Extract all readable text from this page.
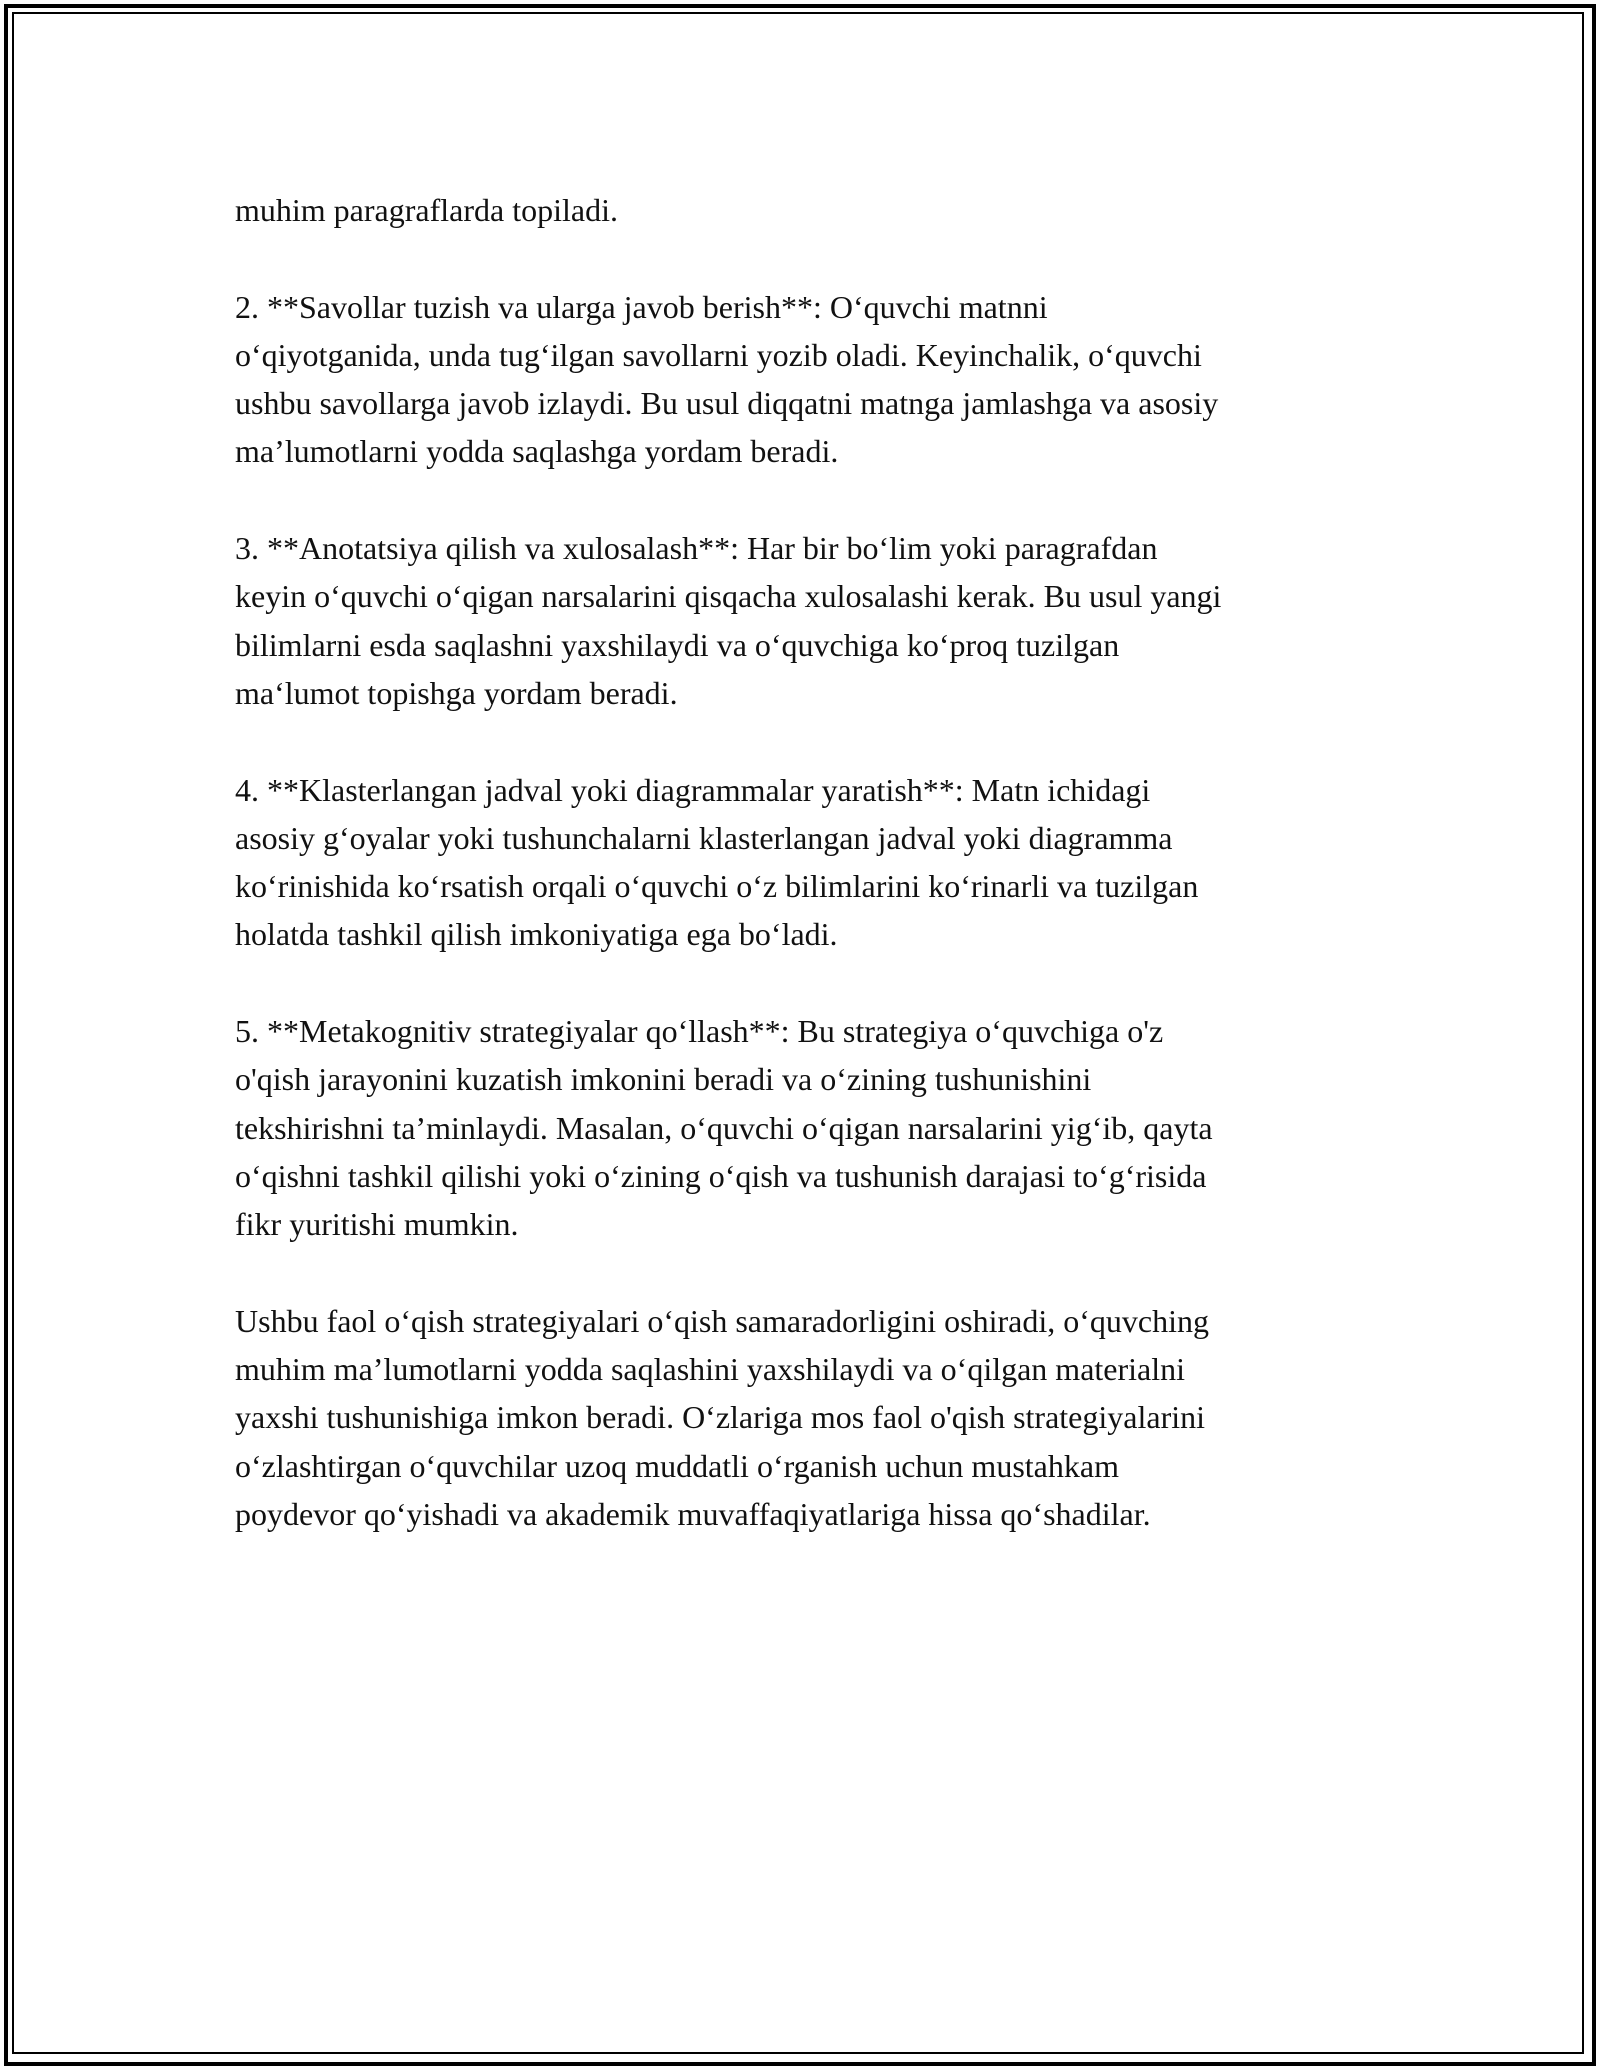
muhim paragraflarda topiladi.

2. **Savollar tuzish va ularga javob berish**: O‘quvchi matnni
o‘qiyotganida, unda tug‘ilgan savollarni yozib oladi. Keyinchalik, o‘quvchi
ushbu savollarga javob izlaydi. Bu usul diqqatni matnga jamlashga va asosiy
ma’lumotlarni yodda saqlashga yordam beradi.

3. **Anotatsiya qilish va xulosalash**: Har bir bo‘lim yoki paragrafdan
keyin o‘quvchi o‘qigan narsalarini qisqacha xulosalashi kerak. Bu usul yangi
bilimlarni esda saqlashni yaxshilaydi va o‘quvchiga ko‘proq tuzilgan
ma‘lumot topishga yordam beradi.

4. **Klasterlangan jadval yoki diagrammalar yaratish**: Matn ichidagi
asosiy g‘oyalar yoki tushunchalarni klasterlangan jadval yoki diagramma
ko‘rinishida ko‘rsatish orqali o‘quvchi o‘z bilimlarini ko‘rinarli va tuzilgan
holatda tashkil qilish imkoniyatiga ega bo‘ladi.

5. **Metakognitiv strategiyalar qo‘llash**: Bu strategiya o‘quvchiga o'z
o'qish jarayonini kuzatish imkonini beradi va o‘zining tushunishini
tekshirishni ta’minlaydi. Masalan, o‘quvchi o‘qigan narsalarini yig‘ib, qayta
o‘qishni tashkil qilishi yoki o‘zining o‘qish va tushunish darajasi to‘g‘risida
fikr yuritishi mumkin.

Ushbu faol o‘qish strategiyalari o‘qish samaradorligini oshiradi, o‘quvching
muhim ma’lumotlarni yodda saqlashini yaxshilaydi va o‘qilgan materialni
yaxshi tushunishiga imkon beradi. O‘zlariga mos faol o'qish strategiyalarini
o‘zlashtirgan o‘quvchilar uzoq muddatli o‘rganish uchun mustahkam
poydevor qo‘yishadi va akademik muvaffaqiyatlariga hissa qo‘shadilar.
